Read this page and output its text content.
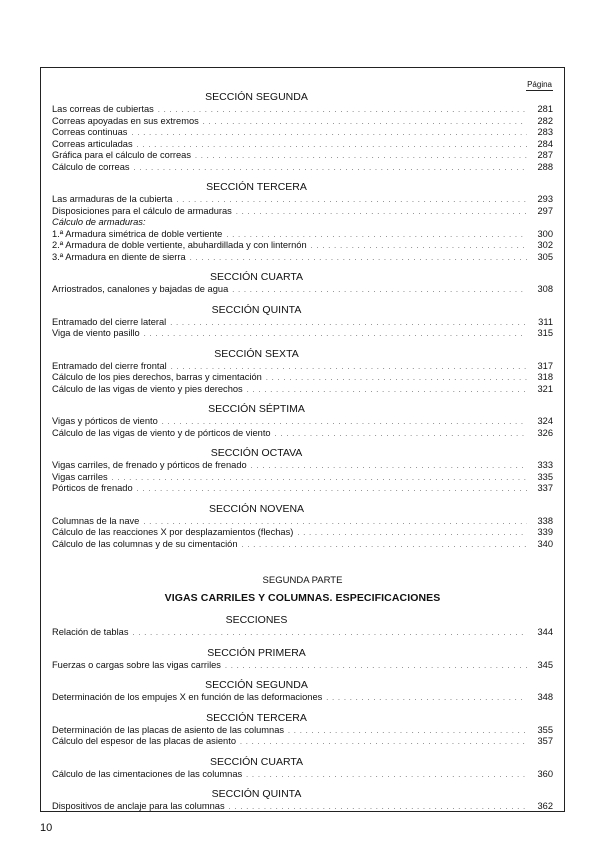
Página
SECCIÓN SEGUNDA
Las correas de cubiertas . . .	281
Correas apoyadas en sus extremos . . .	282
Correas continuas . . .	283
Correas articuladas . . .	284
Gráfica para el cálculo de correas . . .	287
Cálculo de correas . . .	288
SECCIÓN TERCERA
Las armaduras de la cubierta . . .	293
Disposiciones para el cálculo de armaduras . . .	297
Cálculo de armaduras:
1.ª Armadura simétrica de doble vertiente . . .	300
2.ª Armadura de doble vertiente, abuhardillada y con linternón . . .	302
3.ª Armadura en diente de sierra . . .	305
SECCIÓN CUARTA
Arriostrados, canalones y bajadas de agua . . .	308
SECCIÓN QUINTA
Entramado del cierre lateral . . .	311
Viga de viento pasillo . . .	315
SECCIÓN SEXTA
Entramado del cierre frontal . . .	317
Cálculo de los pies derechos, barras y cimentación . . .	318
Cálculo de las vigas de viento y pies derechos . . .	321
SECCIÓN SÉPTIMA
Vigas y pórticos de viento . . .	324
Cálculo de las vigas de viento y de pórticos de viento . . .	326
SECCIÓN OCTAVA
Vigas carriles, de frenado y pórticos de frenado . . .	333
Vigas carriles . . .	335
Pórticos de frenado . . .	337
SECCIÓN NOVENA
Columnas de la nave . . .	338
Cálculo de las reacciones X por desplazamientos (flechas) . . .	339
Cálculo de las columnas y de su cimentación . . .	340
SEGUNDA PARTE
VIGAS CARRILES Y COLUMNAS. ESPECIFICACIONES
SECCIONES
Relación de tablas . . .	344
SECCIÓN PRIMERA
Fuerzas o cargas sobre las vigas carriles . . .	345
SECCIÓN SEGUNDA
Determinación de los empujes X en función de las deformaciones . . .	348
SECCIÓN TERCERA
Determinación de las placas de asiento de las columnas . . .	355
Cálculo del espesor de las placas de asiento . . .	357
SECCIÓN CUARTA
Cálculo de las cimentaciones de las columnas . . .	360
SECCIÓN QUINTA
Dispositivos de anclaje para las columnas . . .	362
10
